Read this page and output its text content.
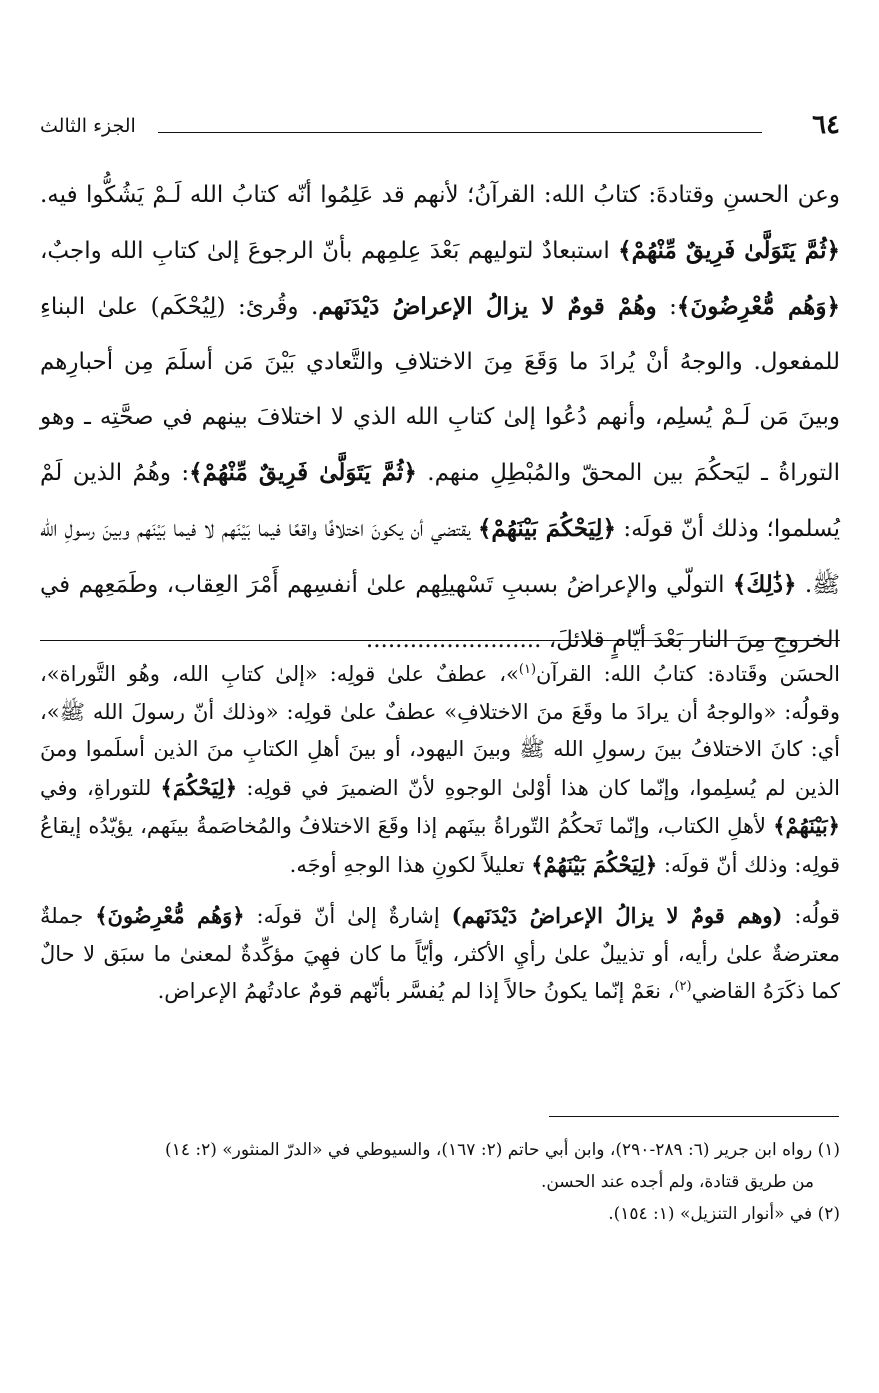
٦٤
الجزء الثالث

وعن الحسنِ وقتادةَ: كتابُ الله: القرآنُ؛ لأنهم قد عَلِمُوا أنّه كتابُ الله لَـمْ يَشُكُّوا فيه. ﴿ثُمَّ يَتَوَلَّىٰ فَرِيقٌ مِّنْهُمْ﴾ استبعادٌ لتوليهم بَعْدَ عِلمِهم بأنّ الرجوعَ إلىٰ كتابِ الله واجبٌ، ﴿وَهُم مُّعْرِضُونَ﴾: وهُمْ قومٌ لا يزالُ الإعراضُ دَيْدَنَهم. وقُرئ: (لِيُحْكَم) علىٰ البناءِ للمفعول. والوجهُ أنْ يُرادَ ما وَقَعَ مِنَ الاختلافِ والتَّعادي بَيْنَ مَن أسلَمَ مِن أحبارِهم وبينَ مَن لَـمْ يُسلِم، وأنهم دُعُوا إلىٰ كتابِ الله الذي لا اختلافَ بينهم في صحَّتِه ـ وهو التوراةُ ـ ليَحكُمَ بين المحقّ والمُبْطِلِ منهم. ﴿ثُمَّ يَتَوَلَّىٰ فَرِيقٌ مِّنْهُمْ﴾: وهُمُ الذين لَمْ يُسلموا؛ وذلك أنّ قولَه: ﴿لِيَحْكُمَ بَيْنَهُمْ﴾ يقتضي أن يكونَ اختلافًا واقعًا فيما بَيْنَهم لا فيما بَيْنَهم وبينَ رسولِ الله ﷺ. ﴿ذَٰلِكَ﴾ التولّي والإعراضُ بسببِ تَسْهيلِهم علىٰ أنفسِهم أَمْرَ العِقاب، وطَمَعِهم في الخروجِ مِنَ النار بَعْدَ أيّامٍ قلائلَ، ........................

الحسَن وقَتادة: كتابُ الله: القرآن$^{(١)}$»، عطفٌ علىٰ قولِه: «إلىٰ كتابِ الله، وهُو التَّوراة»، وقولُه: «والوجهُ أن يرادَ ما وقَعَ منَ الاختلافِ» عطفٌ علىٰ قولِه: «وذلك أنّ رسولَ الله ﷺ»، أي: كانَ الاختلافُ بينَ رسولِ الله ﷺ وبينَ اليهود، أو بينَ أهلِ الكتابِ منَ الذين أسلَموا ومنَ الذين لم يُسلِموا، وإنّما كان هذا أوْلىٰ الوجوهِ لأنّ الضميرَ في قولِه: ﴿لِيَحْكُمَ﴾ للتوراةِ، وفي ﴿بَيْنَهُمْ﴾ لأهلِ الكتاب، وإنّما تَحكُمُ التّوراةُ بينَهم إذا وقَعَ الاختلافُ والمُخاصَمةُ بينَهم، يؤيّدُه إيقاعُ قولِه: وذلك أنّ قولَه: ﴿لِيَحْكُمَ بَيْنَهُمْ﴾ تعليلاً لكونِ هذا الوجهِ أوجَه.

قولُه: (وهم قومٌ لا يزالُ الإعراضُ دَيْدَنَهم) إشارةٌ إلىٰ أنّ قولَه: ﴿وَهُم مُّعْرِضُونَ﴾ جملةٌ معترضةٌ علىٰ رأيه، أو تذييلٌ علىٰ رأيِ الأكثر، وأيّاً ما كان فهِيَ مؤكِّدةٌ لمعنىٰ ما سبَق لا حالٌ كما ذكَرَهُ القاضي$^{(٢)}$، نعَمْ إنّما يكونُ حالاً إذا لم يُفسَّر بأنّهم قومٌ عادتُهمُ الإعراض.

(١) رواه ابن جرير (٦: ٢٨٩-٢٩٠)، وابن أبي حاتم (٢: ١٦٧)، والسيوطي في «الدرّ المنثور» (٢: ١٤)

من طريق قتادة، ولم أجده عند الحسن.

(٢) في «أنوار التنزيل» (١: ١٥٤).
